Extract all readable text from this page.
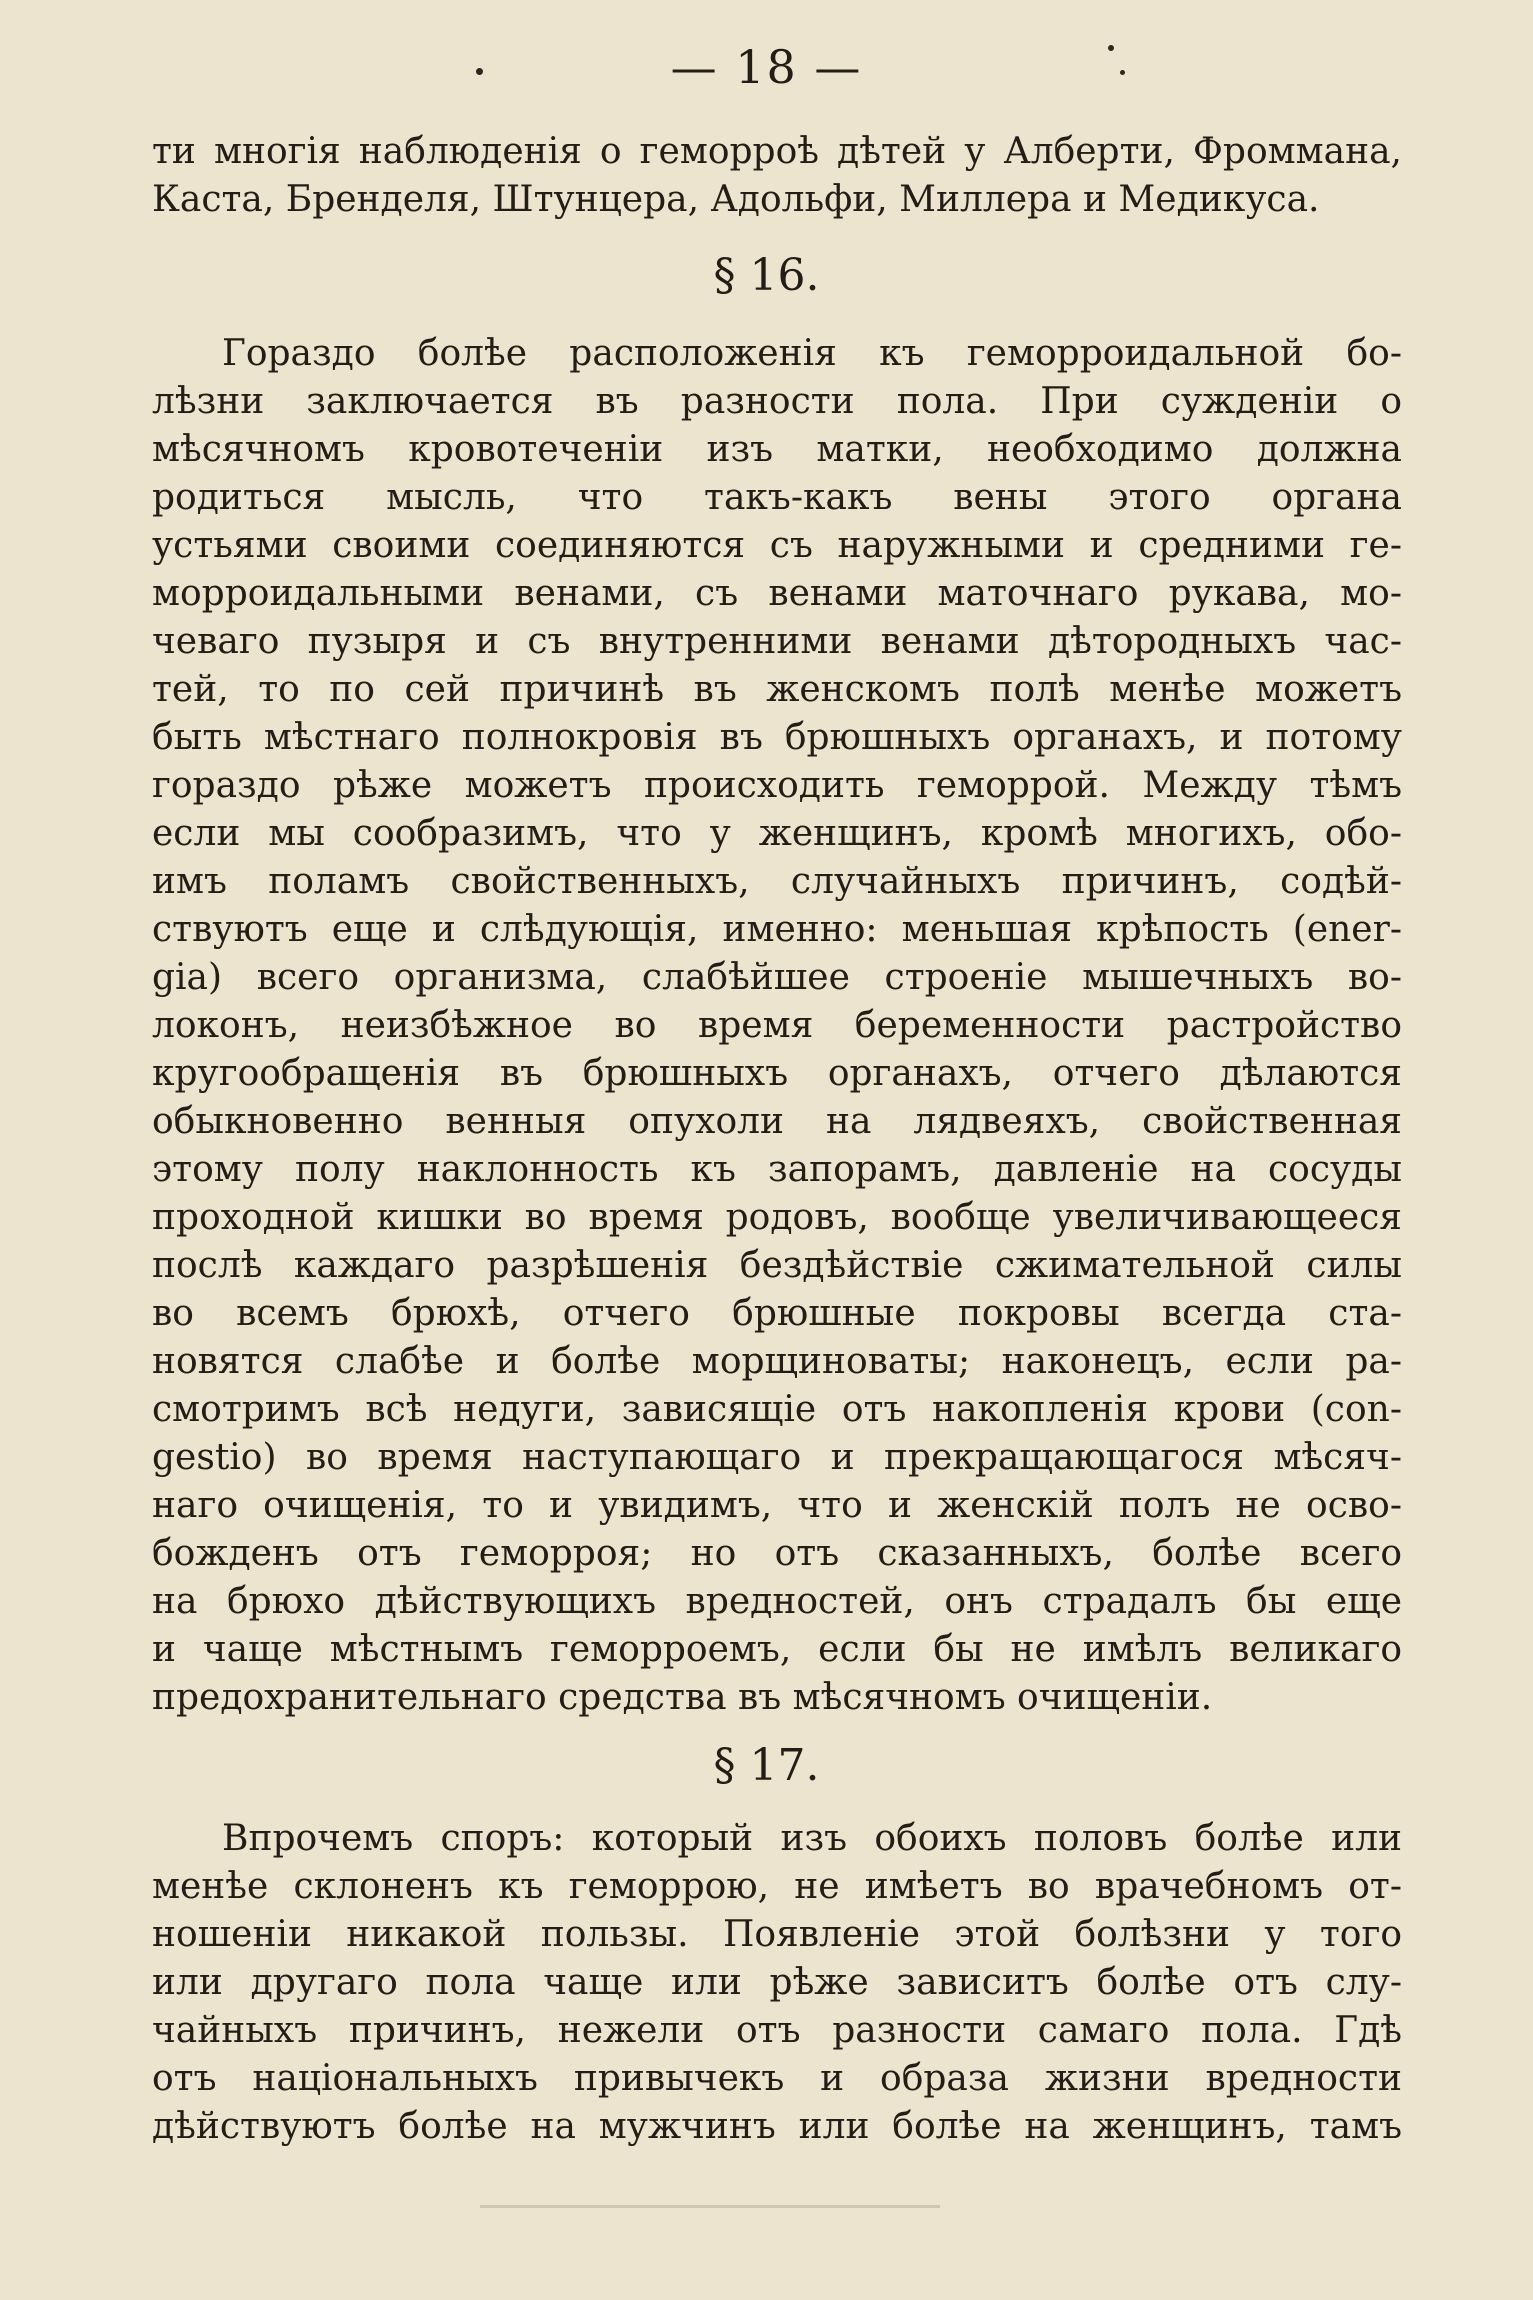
— 18 —
ти многія наблюденія о геморроѣ дѣтей у Алберти, Фроммана,
Каста, Бренделя, Штунцера, Адольфи, Миллера и Медикуса.
§ 16.
Гораздо болѣе расположенія къ геморроидальной бо-
лѣзни заключается въ разности пола. При сужденіи о
мѣсячномъ кровотеченіи изъ матки, необходимо должна
родиться мысль, что такъ-какъ вены этого органа
устьями своими соединяются съ наружными и средними ге-
морроидальными венами, съ венами маточнаго рукава, мо-
чеваго пузыря и съ внутренними венами дѣтородныхъ час-
тей, то по сей причинѣ въ женскомъ полѣ менѣе можетъ
быть мѣстнаго полнокровія въ брюшныхъ органахъ, и потому
гораздо рѣже можетъ происходить геморрой. Между тѣмъ
если мы сообразимъ, что у женщинъ, кромѣ многихъ, обо-
имъ поламъ свойственныхъ, случайныхъ причинъ, содѣй-
ствуютъ еще и слѣдующія, именно: меньшая крѣпость (ener-
gia) всего организма, слабѣйшее строеніе мышечныхъ во-
локонъ, неизбѣжное во время беременности растройство
кругообращенія въ брюшныхъ органахъ, отчего дѣлаются
обыкновенно венныя опухоли на лядвеяхъ, свойственная
этому полу наклонность къ запорамъ, давленіе на сосуды
проходной кишки во время родовъ, вообще увеличивающееся
послѣ каждаго разрѣшенія бездѣйствіе сжимательной силы
во всемъ брюхѣ, отчего брюшные покровы всегда ста-
новятся слабѣе и болѣе морщиноваты; наконецъ, если ра-
смотримъ всѣ недуги, зависящіе отъ накопленія крови (con-
gestio) во время наступающаго и прекращающагося мѣсяч-
наго очищенія, то и увидимъ, что и женскій полъ не осво-
божденъ отъ геморроя; но отъ сказанныхъ, болѣе всего
на брюхо дѣйствующихъ вредностей, онъ страдалъ бы еще
и чаще мѣстнымъ геморроемъ, если бы не имѣлъ великаго
предохранительнаго средства въ мѣсячномъ очищеніи.
§ 17.
Впрочемъ споръ: который изъ обоихъ половъ болѣе или
менѣе склоненъ къ геморрою, не имѣетъ во врачебномъ от-
ношеніи никакой пользы. Появленіе этой болѣзни у того
или другаго пола чаще или рѣже зависитъ болѣе отъ слу-
чайныхъ причинъ, нежели отъ разности самаго пола. Гдѣ
отъ національныхъ привычекъ и образа жизни вредности
дѣйствуютъ болѣе на мужчинъ или болѣе на женщинъ, тамъ
